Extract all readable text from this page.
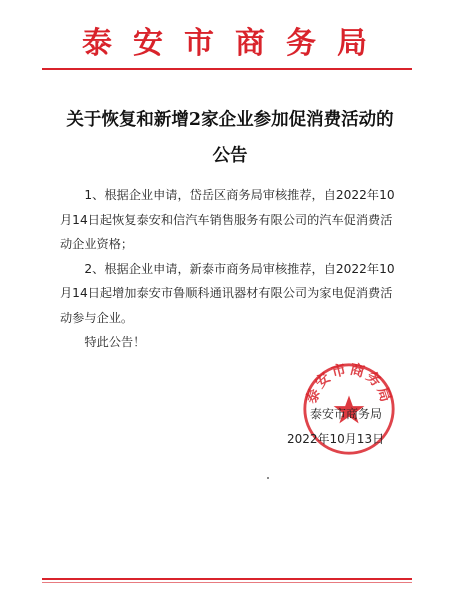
泰安市商务局
关于恢复和新增2家企业参加促消费活动的
公告

1、根据企业申请，岱岳区商务局审核推荐，自2022年10月14日起恢复泰安和信汽车销售服务有限公司的汽车促消费活动企业资格；

2、根据企业申请，新泰市商务局审核推荐，自2022年10月14日起增加泰安市鲁顺科通讯器材有限公司为家电促消费活动参与企业。

特此公告！

泰安市商务局
泰安市商务局
2022年10月13日
